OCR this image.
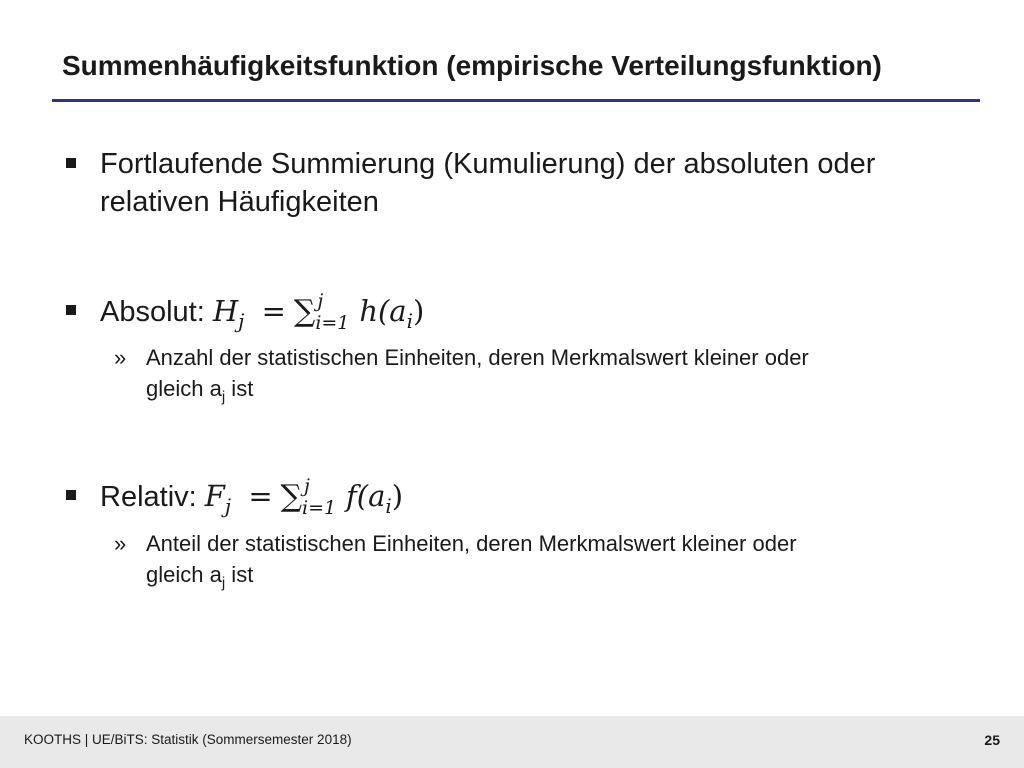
Summenhäufigkeitsfunktion (empirische Verteilungsfunktion)
Fortlaufende Summierung (Kumulierung) der absoluten oder
relativen Häufigkeiten
Absolut: $H_j$ = ∑ j
i=1 $h(a_i)$
» Anzahl der statistischen Einheiten, deren Merkmalswert kleiner oder
gleich $a_j$ ist
Relativ: $F_j$ = ∑ j
i=1 $f(a_i)$
» Anteil der statistischen Einheiten, deren Merkmalswert kleiner oder
gleich $a_j$ ist
KOOTHS | UE/BiTS: Statistik (Sommersemester 2018)	25
